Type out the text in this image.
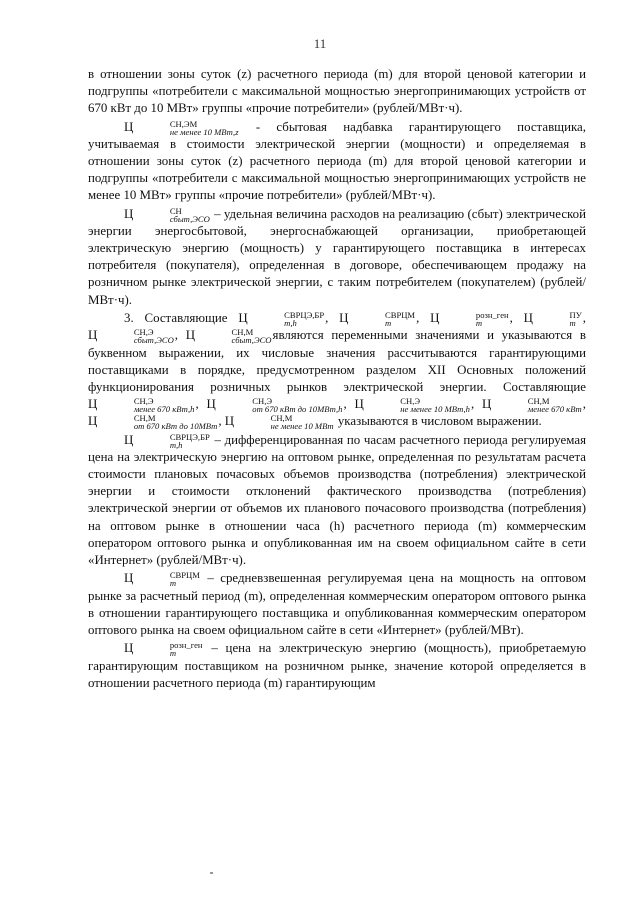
11

в отношении зоны суток (z) расчетного периода (m) для второй ценовой категории и подгруппы «потребители с максимальной мощностью энергопринимающих устройств от 670 кВт до 10 МВт» группы «прочие потребители» (рублей/МВт·ч).

Ц	СН,ЭМ
не менее 10 МВт,z - сбытовая надбавка гарантирующего поставщика, учитываемая в стоимости электрической энергии (мощности) и определяемая в отношении зоны суток (z) расчетного периода (m) для второй ценовой категории и подгруппы «потребители с максимальной мощностью энергопринимающих устройств не менее 10 МВт» группы «прочие потребители» (рублей/МВт·ч).

Ц	СН
сбыт,ЭСО – удельная величина расходов на реализацию (сбыт) электрической энергии энергосбытовой, энергоснабжающей организации, приобретающей электрическую энергию (мощность) у гарантирующего поставщика в интересах потребителя (покупателя), определенная в договоре, обеспечивающем продажу на розничном рынке электрической энергии, с таким потребителем (покупателем) (рублей/МВт·ч).

3. Составляющие Ц	СВРЦЭ,БР
m,h	, Ц	СВРЦМ
m	, Ц	розн_ген
m	, Ц	ПУ
m , Ц	СН,Э
сбыт,ЭСО , Ц	СН,М
сбыт,ЭСО являются переменными значениями и указываются в буквенном выражении, их числовые значения рассчитываются гарантирующими поставщиками в порядке, предусмотренном разделом XII Основных положений функционирования розничных рынков электрической энергии. Составляющие Ц	СН,Э
менее 670 кВт,h , Ц	СН,Э
от 670 кВт до 10МВт,h , Ц	СН,Э
не менее 10 МВт,h , Ц	СН,М
менее 670 кВт , Ц	СН,М
от 670 кВт до 10МВт , Ц	СН,М
не менее 10 МВт указываются в числовом выражении.

Ц	СВРЦЭ,БР
m,h	– дифференцированная по часам расчетного периода регулируемая цена на электрическую энергию на оптовом рынке, определенная по результатам расчета стоимости плановых почасовых объемов производства (потребления) электрической энергии и стоимости отклонений фактического производства (потребления) электрической энергии от объемов их планового почасового производства (потребления) на оптовом рынке в отношении часа (h) расчетного периода (m) коммерческим оператором оптового рынка и опубликованная им на своем официальном сайте в сети «Интернет» (рублей/МВт·ч).

Ц	СВРЦМ
m	– средневзвешенная регулируемая цена на мощность на оптовом рынке за расчетный период (m), определенная коммерческим оператором оптового рынка в отношении гарантирующего поставщика и опубликованная коммерческим оператором оптового рынка на своем официальном сайте в сети «Интернет» (рублей/МВт).

Ц	розн_ген
m	– цена на электрическую энергию (мощность), приобретаемую гарантирующим поставщиком на розничном рынке, значение которой определяется в отношении расчетного периода (m) гарантирующим
